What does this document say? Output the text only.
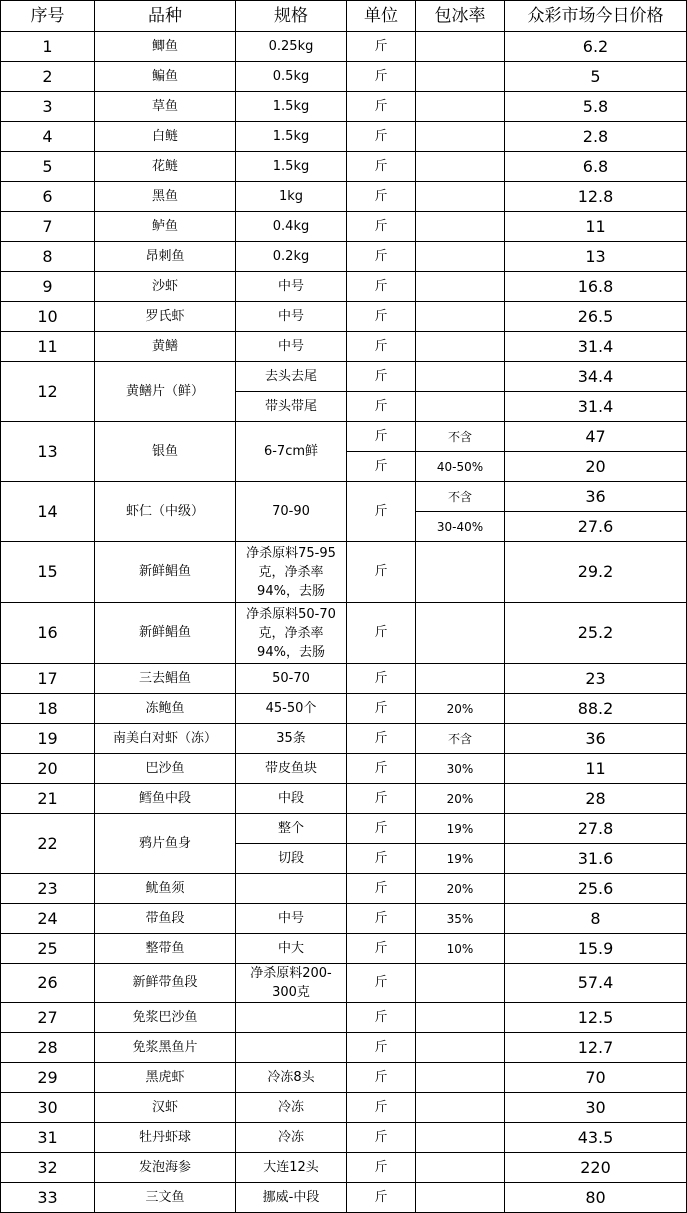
序号	品种	规格	单位	包冰率	众彩市场今日价格
1	鲫鱼	0.25kg	斤		6.2
2	鳊鱼	0.5kg	斤		5
3	草鱼	1.5kg	斤		5.8
4	白鲢	1.5kg	斤		2.8
5	花鲢	1.5kg	斤		6.8
6	黑鱼	1kg	斤		12.8
7	鲈鱼	0.4kg	斤		11
8	昂刺鱼	0.2kg	斤		13
9	沙虾	中号	斤		16.8
10	罗氏虾	中号	斤		26.5
11	黄鳝	中号	斤		31.4
12	黄鳝片（鲜）	去头去尾	斤		34.4
		带头带尾	斤		31.4
13	银鱼	6-7cm鲜	斤	不含	47
			斤	40-50%	20
14	虾仁（中级）	70-90	斤	不含	36
				30-40%	27.6
15	新鲜鲳鱼	净杀原料75-95
克，净杀率
94%，去肠	斤		29.2
16	新鲜鲳鱼	净杀原料50-70
克，净杀率
94%，去肠	斤		25.2
17	三去鲳鱼	50-70	斤		23
18	冻鲍鱼	45-50个	斤	20%	88.2
19	南美白对虾（冻）	35条	斤	不含	36
20	巴沙鱼	带皮鱼块	斤	30%	11
21	鳕鱼中段	中段	斤	20%	28
22	鸦片鱼身	整个	斤	19%	27.8
		切段	斤	19%	31.6
23	鱿鱼须		斤	20%	25.6
24	带鱼段	中号	斤	35%	8
25	整带鱼	中大	斤	10%	15.9
26	新鲜带鱼段	净杀原料200-
300克	斤		57.4
27	免浆巴沙鱼		斤		12.5
28	免浆黑鱼片		斤		12.7
29	黑虎虾	冷冻8头	斤		70
30	汉虾	冷冻	斤		30
31	牡丹虾球	冷冻	斤		43.5
32	发泡海参	大连12头	斤		220
33	三文鱼	挪威-中段	斤		80
